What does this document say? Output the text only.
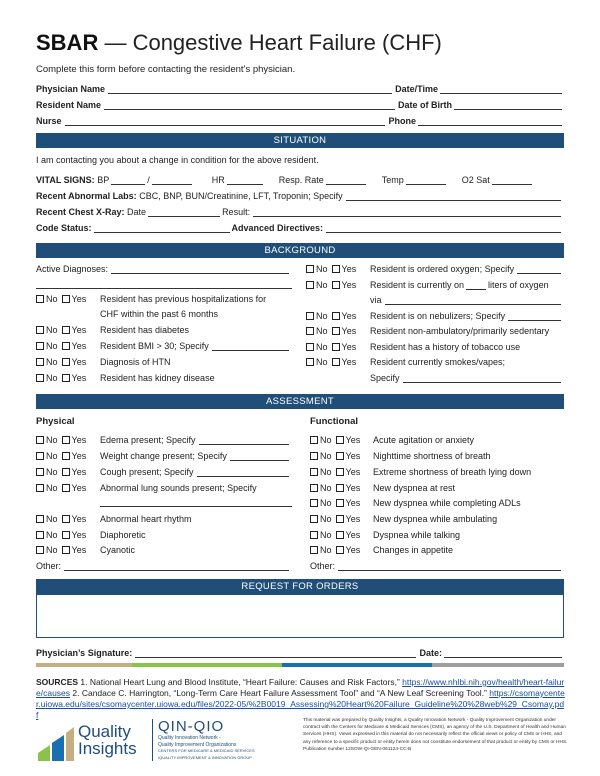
SBAR — Congestive Heart Failure (CHF)
Complete this form before contacting the resident’s physician.
Physician Name	Date/Time
Resident Name	Date of Birth
Nurse	Phone
SITUATION
I am contacting you about a change in condition for the above resident.
VITAL SIGNS:
BP	/	HR	Resp. Rate	Temp	O2 Sat
Recent Abnormal Labs:
CBC, BNP, BUN/Creatinine, LFT, Troponin; Specify
Recent Chest X-Ray:
Date	Result:
Code Status:	Advanced Directives:
BACKGROUND
Active Diagnoses:
No Yes Resident has previous hospitalizations for
CHF within the past 6 months
No Yes Resident has diabetes
No Yes Resident BMI > 30; Specify
No Yes Diagnosis of HTN
No Yes Resident has kidney disease
No Yes Resident is ordered oxygen; Specify
No Yes Resident is currently on	liters of oxygen
via
No Yes Resident is on nebulizers; Specify
No Yes Resident non-ambulatory/primarily sedentary
No Yes Resident has a history of tobacco use
No Yes Resident currently smokes/vapes;
Specify
ASSESSMENT
Physical	Functional
No Yes Edema present; Specify
No Yes Weight change present; Specify
No Yes Cough present; Specify
No Yes Abnormal lung sounds present; Specify
No Yes Abnormal heart rhythm
No Yes Diaphoretic
No Yes Cyanotic
Other:
No Yes Acute agitation or anxiety
No Yes Nighttime shortness of breath
No Yes Extreme shortness of breath lying down
No Yes New dyspnea at rest
No Yes New dyspnea while completing ADLs
No Yes New dyspnea while ambulating
No Yes Dyspnea while talking
No Yes Changes in appetite
Other:
REQUEST FOR ORDERS
Physician’s Signature:	Date:
SOURCES 1. National Heart Lung and Blood Institute, “Heart Failure: Causes and Risk Factors,” https://www.nhlbi.nih.gov/health/heart-failure/causes 2. Candace C. Harrington, “Long-Term Care Heart Failure Assessment Tool” and “A New Leaf Screening Tool.” https://csomaycenter.uiowa.edu/sites/csomaycenter.uiowa.edu/files/2022-05/%2B0019_Assessing%20Heart%20Failure_Guideline%20%28web%29_Csomay.pdf
Quality
Insights
QIN-QIO
Quality Innovation Network -
Quality Improvement Organizations
CENTERS FOR MEDICARE & MEDICAID SERVICES
IQUALITY IMPROVEMENT & INNOVATION GROUP
This material was prepared by Quality Insights, a Quality Innovation Network - Quality Improvement Organization under contract with the Centers for Medicare & Medicaid Services (CMS), an agency of the U.S. Department of Health and Human Services (HHS). Views expressed in this material do not necessarily reflect the official views or policy of CMS or HHS, and any reference to a specific product or entity herein does not constitute endorsement of that product or entity by CMS or HHS. Publication number 12SOW-QI-GEN-061124-CC-B
